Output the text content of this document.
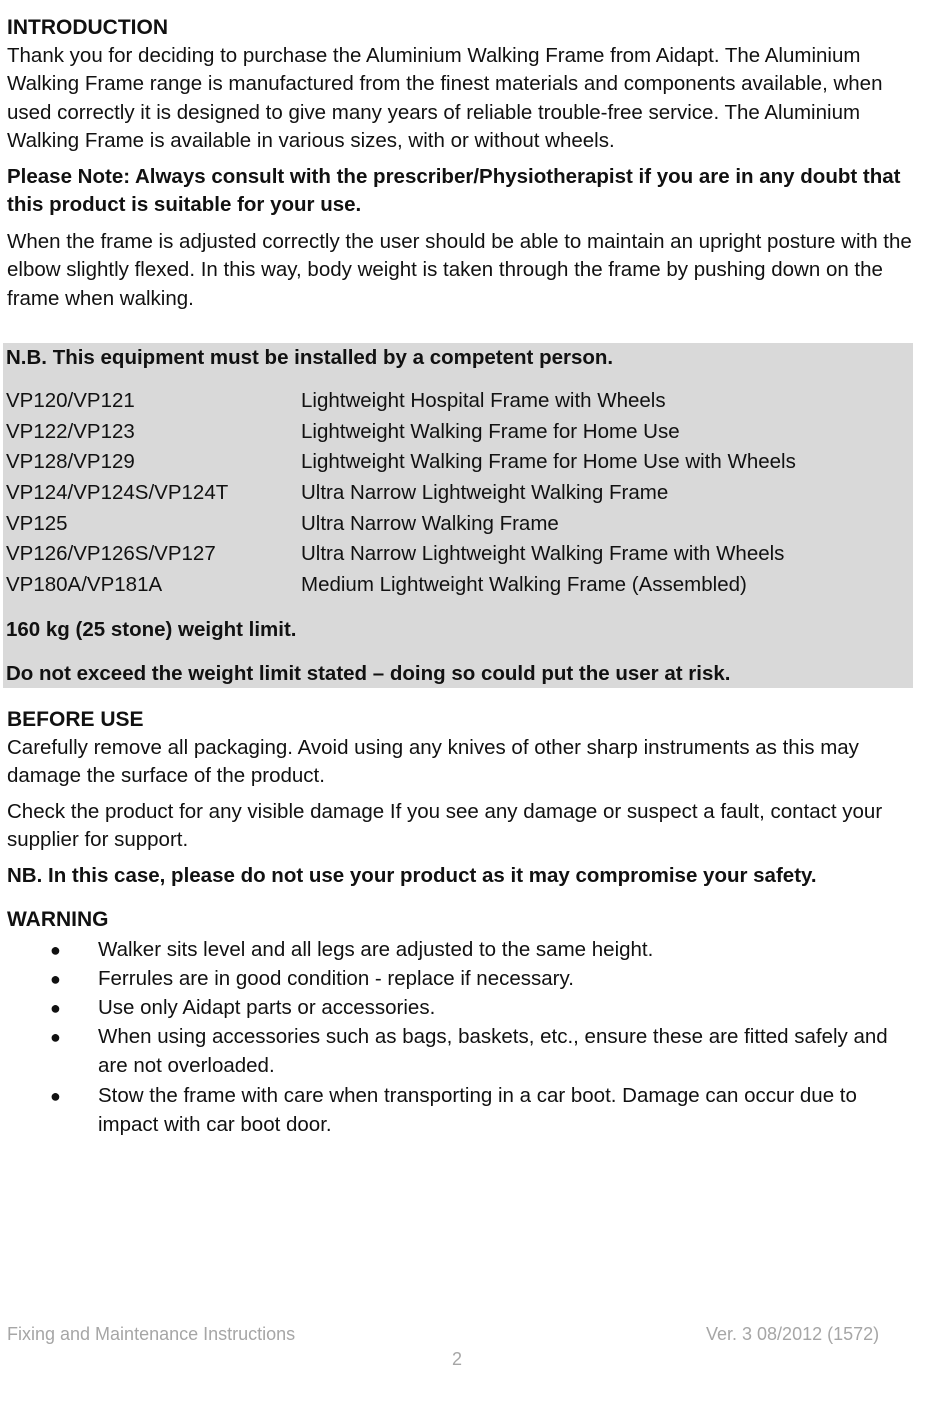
INTRODUCTION
Thank you for deciding to purchase the Aluminium Walking Frame from Aidapt. The Aluminium Walking Frame range is manufactured from the finest materials and components available, when used correctly it is designed to give many years of reliable trouble-free service. The Aluminium Walking Frame is available in various sizes, with or without wheels.
Please Note: Always consult with the prescriber/Physiotherapist if you are in any doubt that this product is suitable for your use.
When the frame is adjusted correctly the user should be able to maintain an upright posture with the elbow slightly flexed. In this way, body weight is taken through the frame by pushing down on the frame when walking.
N.B. This equipment must be installed by a competent person.
VP120/VP121	Lightweight Hospital Frame with Wheels
VP122/VP123	Lightweight Walking Frame for Home Use
VP128/VP129	Lightweight Walking Frame for Home Use with Wheels
VP124/VP124S/VP124T	Ultra Narrow Lightweight Walking Frame
VP125	Ultra Narrow Walking Frame
VP126/VP126S/VP127	Ultra Narrow Lightweight Walking Frame with Wheels
VP180A/VP181A	Medium Lightweight Walking Frame (Assembled)
160 kg (25 stone) weight limit.
Do not exceed the weight limit stated – doing so could put the user at risk.
BEFORE USE
Carefully remove all packaging. Avoid using any knives of other sharp instruments as this may damage the surface of the product.
Check the product for any visible damage If you see any damage or suspect a fault, contact your supplier for support.
NB. In this case, please do not use your product as it may compromise your safety.
WARNING
●	Walker sits level and all legs are adjusted to the same height.
●	Ferrules are in good condition - replace if necessary.
●	Use only Aidapt parts or accessories.
●	When using accessories such as bags, baskets, etc., ensure these are fitted safely and are not overloaded.
●	Stow the frame with care when transporting in a car boot. Damage can occur due to impact with car boot door.
Fixing and Maintenance Instructions	Ver. 3 08/2012 (1572)
2
